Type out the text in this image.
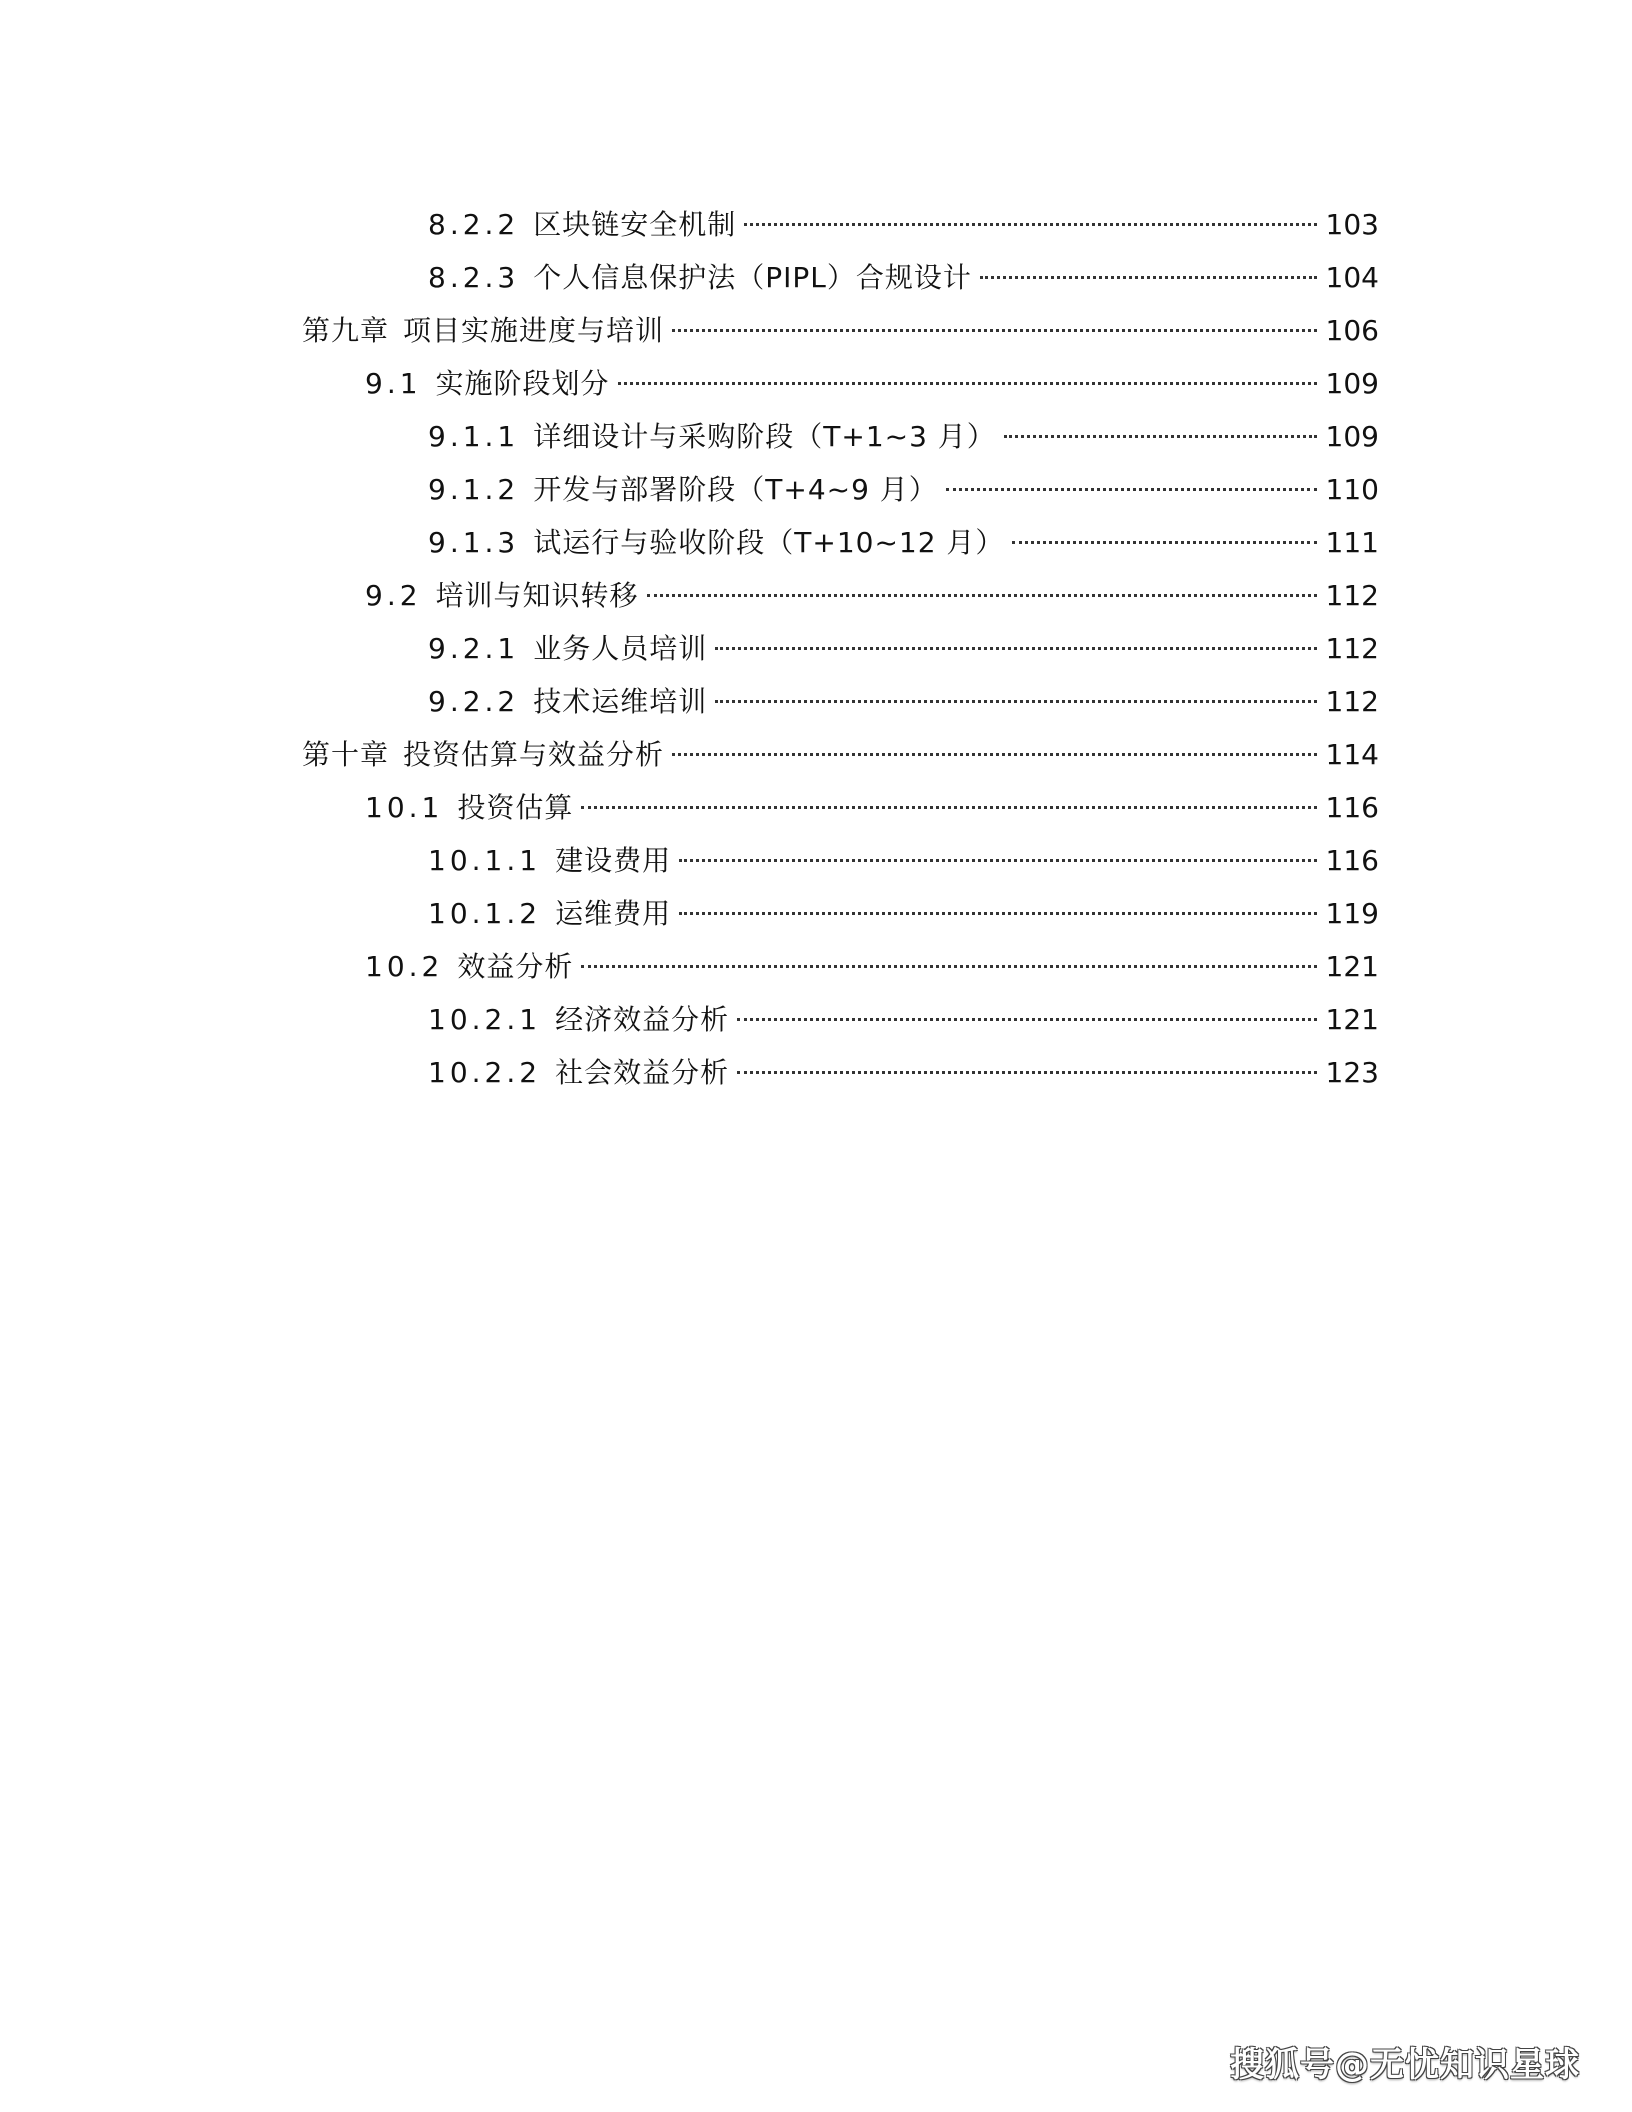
8.2.2 区块链安全机制	103
8.2.3 个人信息保护法（PIPL）合规设计	104
第九章 项目实施进度与培训	106
9.1 实施阶段划分	109
9.1.1 详细设计与采购阶段（T+1~3 月）	109
9.1.2 开发与部署阶段（T+4~9 月）	110
9.1.3 试运行与验收阶段（T+10~12 月）	111
9.2 培训与知识转移	112
9.2.1 业务人员培训	112
9.2.2 技术运维培训	112
第十章 投资估算与效益分析	114
10.1 投资估算	116
10.1.1 建设费用	116
10.1.2 运维费用	119
10.2 效益分析	121
10.2.1 经济效益分析	121
10.2.2 社会效益分析	123
搜狐号@无忧知识星球
